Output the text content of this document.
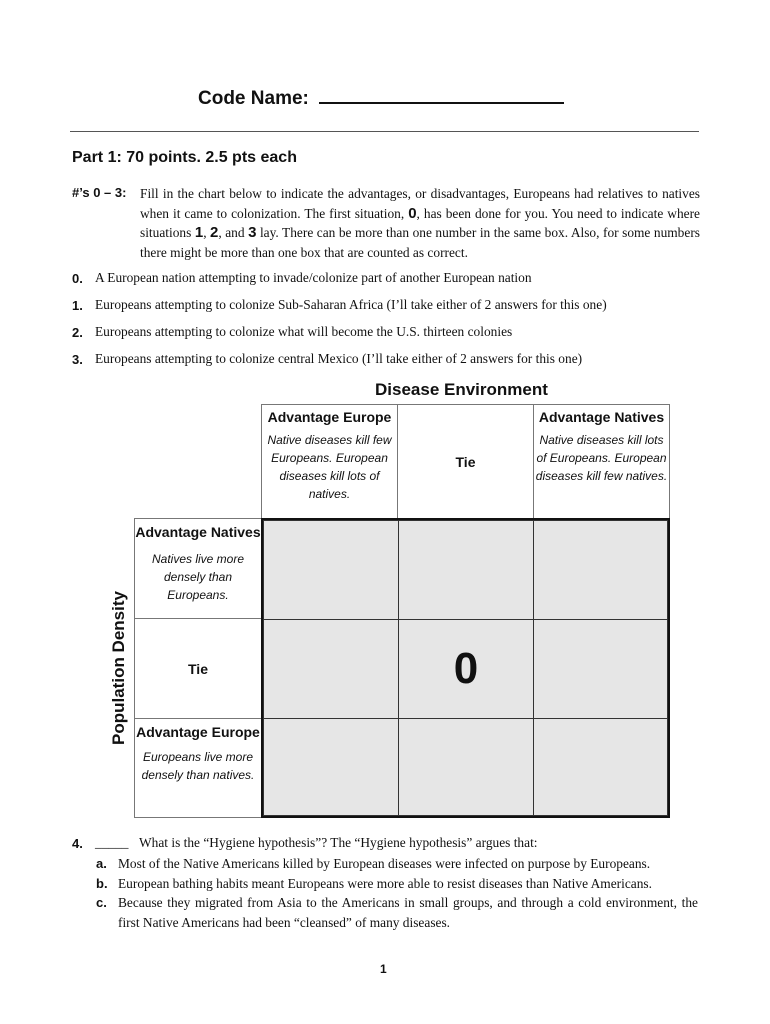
Code Name:
Part 1: 70 points. 2.5 pts each
#’s 0 – 3: Fill in the chart below to indicate the advantages, or disadvantages, Europeans had relatives to natives when it came to colonization. The first situation, 0, has been done for you. You need to indicate where situations 1, 2, and 3 lay. There can be more than one number in the same box. Also, for some numbers there might be more than one box that are counted as correct.
0. A European nation attempting to invade/colonize part of another European nation
1. Europeans attempting to colonize Sub-Saharan Africa (I’ll take either of 2 answers for this one)
2. Europeans attempting to colonize what will become the U.S. thirteen colonies
3. Europeans attempting to colonize central Mexico (I’ll take either of 2 answers for this one)
Disease Environment
Advantage Europe
Native diseases kill few Europeans. European diseases kill lots of natives.
Tie
Advantage Natives
Native diseases kill lots of Europeans. European diseases kill few natives.
Advantage Natives
Natives live more densely than Europeans.
Tie
Advantage Europe
Europeans live more densely than natives.
Population Density	0
4. _____ What is the “Hygiene hypothesis”? The “Hygiene hypothesis” argues that:
a. Most of the Native Americans killed by European diseases were infected on purpose by Europeans.
b. European bathing habits meant Europeans were more able to resist diseases than Native Americans.
c. Because they migrated from Asia to the Americans in small groups, and through a cold environment, the first Native Americans had been “cleansed” of many diseases.
1
